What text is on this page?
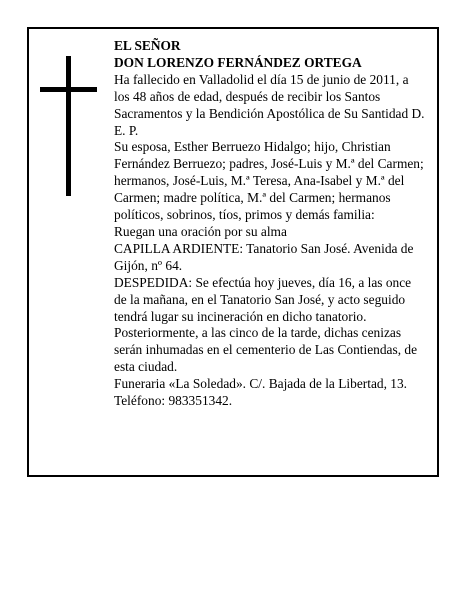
EL SEÑOR

DON LORENZO FERNÁNDEZ ORTEGA

Ha fallecido en Valladolid el día 15 de junio de 2011, a los 48 años de edad, después de recibir los Santos Sacramentos y la Bendición Apostólica de Su Santidad D. E. P.

Su esposa, Esther Berruezo Hidalgo; hijo, Christian Fernández Berruezo; padres, José-Luis y M.ª del Carmen; hermanos, José-Luis, M.ª Teresa, Ana-Isabel y M.ª del Carmen; madre política, M.ª del Carmen; hermanos políticos, sobrinos, tíos, primos y demás familia:

Ruegan una oración por su alma

CAPILLA ARDIENTE: Tanatorio San José. Avenida de Gijón, nº 64.

DESPEDIDA: Se efectúa hoy jueves, día 16, a las once de la mañana, en el Tanatorio San José, y acto seguido tendrá lugar su incineración en dicho tanatorio. Posteriormente, a las cinco de la tarde, dichas cenizas serán inhumadas en el cementerio de Las Contiendas, de esta ciudad.

Funeraria «La Soledad». C/. Bajada de la Libertad, 13. Teléfono: 983351342.
